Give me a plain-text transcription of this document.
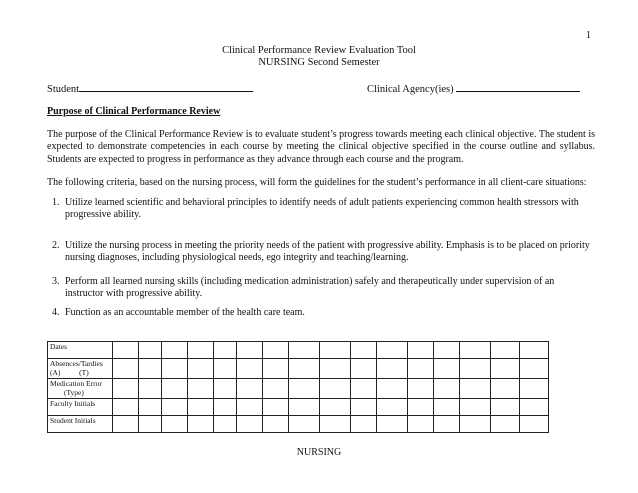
1
Clinical Performance Review Evaluation Tool
NURSING Second Semester
Student	Clinical Agency(ies)
Purpose of Clinical Performance Review
The purpose of the Clinical Performance Review is to evaluate student’s progress towards meeting each clinical objective. The student is expected to demonstrate competencies in each course by meeting the clinical objective specified in the course outline and syllabus. Students are expected to progress in performance as they advance through each course and the program.
The following criteria, based on the nursing process, will form the guidelines for the student’s performance in all client-care situations:
1. Utilize learned scientific and behavioral principles to identify needs of adult patients experiencing common health stressors with progressive ability.
2. Utilize the nursing process in meeting the priority needs of the patient with progressive ability. Emphasis is to be placed on priority nursing diagnoses, including physiological needs, ego integrity and teaching/learning.
3. Perform all learned nursing skills (including medication administration) safely and therapeutically under supervision of an instructor with progressive ability.
4. Function as an accountable member of the health care team.
Dates																

Absences/Tardies
(A)          (T)																

Medication Error
(Type)																

Faculty Initials																

Student Initials																

NURSING
